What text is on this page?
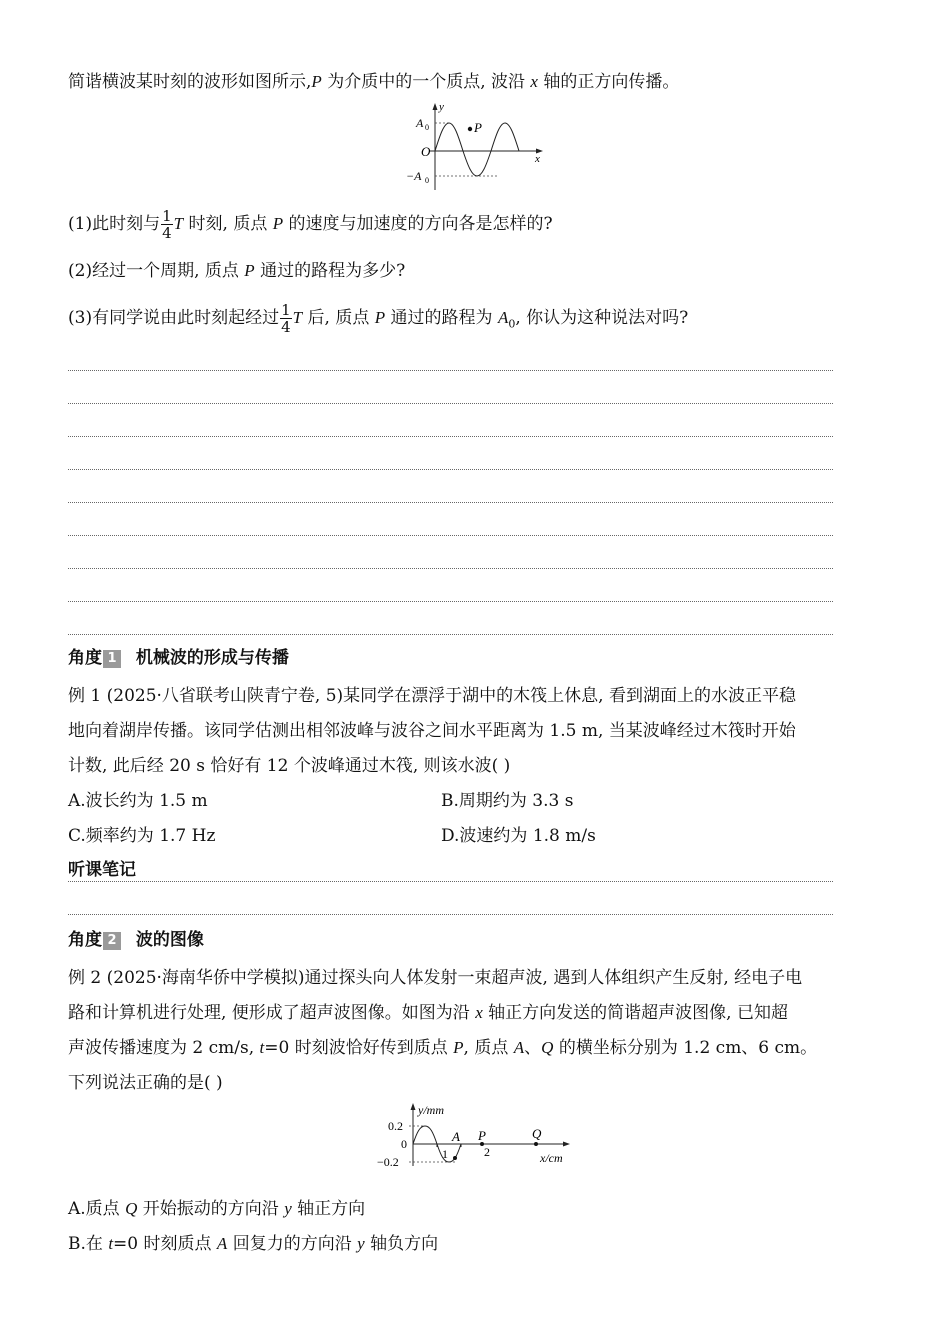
简谐横波某时刻的波形如图所示,P 为介质中的一个质点, 波沿 x 轴的正方向传播。
P
y
x
O
A 0
−A 0
(1)此时刻与 $\frac{1}{4}$ T 时刻, 质点 P 的速度与加速度的方向各是怎样的?
(2)经过一个周期, 质点 P 通过的路程为多少?
(3)有同学说由此时刻起经过 $\frac{1}{4}$ T 后, 质点 P 通过的路程为 $A_0$, 你认为这种说法对吗?
角度 1 机械波的形成与传播
例 1 (2025·八省联考山陕青宁卷, 5)某同学在漂浮于湖中的木筏上休息, 看到湖面上的水波正平稳
地向着湖岸传播。该同学估测出相邻波峰与波谷之间水平距离为 1.5 m, 当某波峰经过木筏时开始
计数, 此后经 20 s 恰好有 12 个波峰通过木筏, 则该水波( )
A.波长约为 1.5 m	B.周期约为 3.3 s
C.频率约为 1.7 Hz	D.波速约为 1.8 m/s
听课笔记
角度 2 波的图像
例 2 (2025·海南华侨中学模拟)通过探头向人体发射一束超声波, 遇到人体组织产生反射, 经电子电
路和计算机进行处理, 便形成了超声波图像。如图为沿 x 轴正方向发送的简谐超声波图像, 已知超
声波传播速度为 2 cm/s, t=0 时刻波恰好传到质点 P, 质点 A、Q 的横坐标分别为 1.2 cm、6 cm。
下列说法正确的是( )
y/mm
x/cm
0.2
0
−0.2
1	2
A P	Q
A.质点 Q 开始振动的方向沿 y 轴正方向
B.在 t=0 时刻质点 A 回复力的方向沿 y 轴负方向
